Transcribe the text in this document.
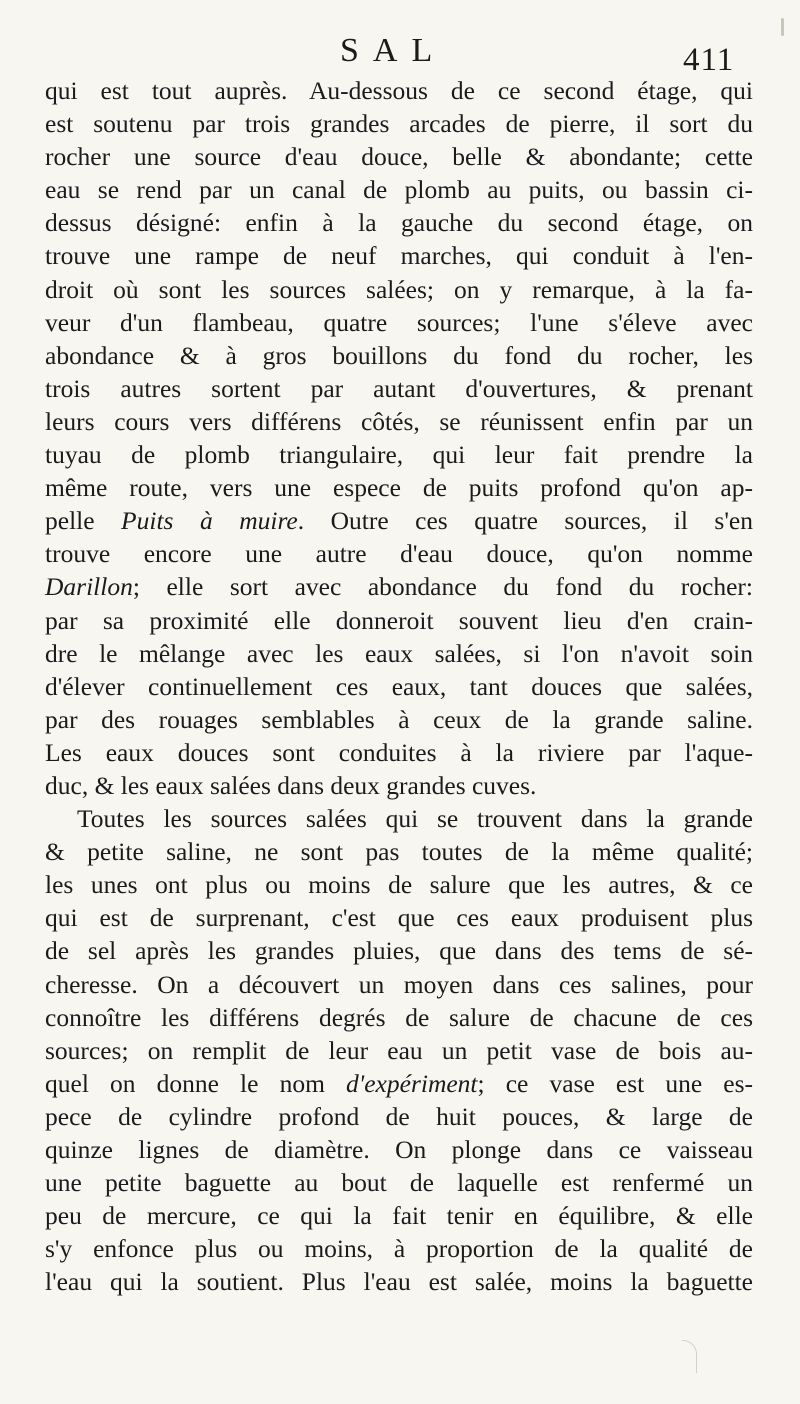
SAL	411
qui est tout auprès. Au-dessous de ce second étage, qui
est soutenu par trois grandes arcades de pierre, il sort du
rocher une source d'eau douce, belle & abondante; cette
eau se rend par un canal de plomb au puits, ou bassin ci-
dessus désigné: enfin à la gauche du second étage, on
trouve une rampe de neuf marches, qui conduit à l'en-
droit où sont les sources salées; on y remarque, à la fa-
veur d'un flambeau, quatre sources; l'une s'éleve avec
abondance & à gros bouillons du fond du rocher, les
trois autres sortent par autant d'ouvertures, & prenant
leurs cours vers différens côtés, se réunissent enfin par un
tuyau de plomb triangulaire, qui leur fait prendre la
même route, vers une espece de puits profond qu'on ap-
pelle Puits à muire. Outre ces quatre sources, il s'en
trouve encore une autre d'eau douce, qu'on nomme
Darillon; elle sort avec abondance du fond du rocher:
par sa proximité elle donneroit souvent lieu d'en crain-
dre le mêlange avec les eaux salées, si l'on n'avoit soin
d'élever continuellement ces eaux, tant douces que salées,
par des rouages semblables à ceux de la grande saline.
Les eaux douces sont conduites à la riviere par l'aque-
duc, & les eaux salées dans deux grandes cuves.
Toutes les sources salées qui se trouvent dans la grande
& petite saline, ne sont pas toutes de la même qualité;
les unes ont plus ou moins de salure que les autres, & ce
qui est de surprenant, c'est que ces eaux produisent plus
de sel après les grandes pluies, que dans des tems de sé-
cheresse. On a découvert un moyen dans ces salines, pour
connoître les différens degrés de salure de chacune de ces
sources; on remplit de leur eau un petit vase de bois au-
quel on donne le nom d'expériment; ce vase est une es-
pece de cylindre profond de huit pouces, & large de
quinze lignes de diamètre. On plonge dans ce vaisseau
une petite baguette au bout de laquelle est renfermé un
peu de mercure, ce qui la fait tenir en équilibre, & elle
s'y enfonce plus ou moins, à proportion de la qualité de
l'eau qui la soutient. Plus l'eau est salée, moins la baguette
